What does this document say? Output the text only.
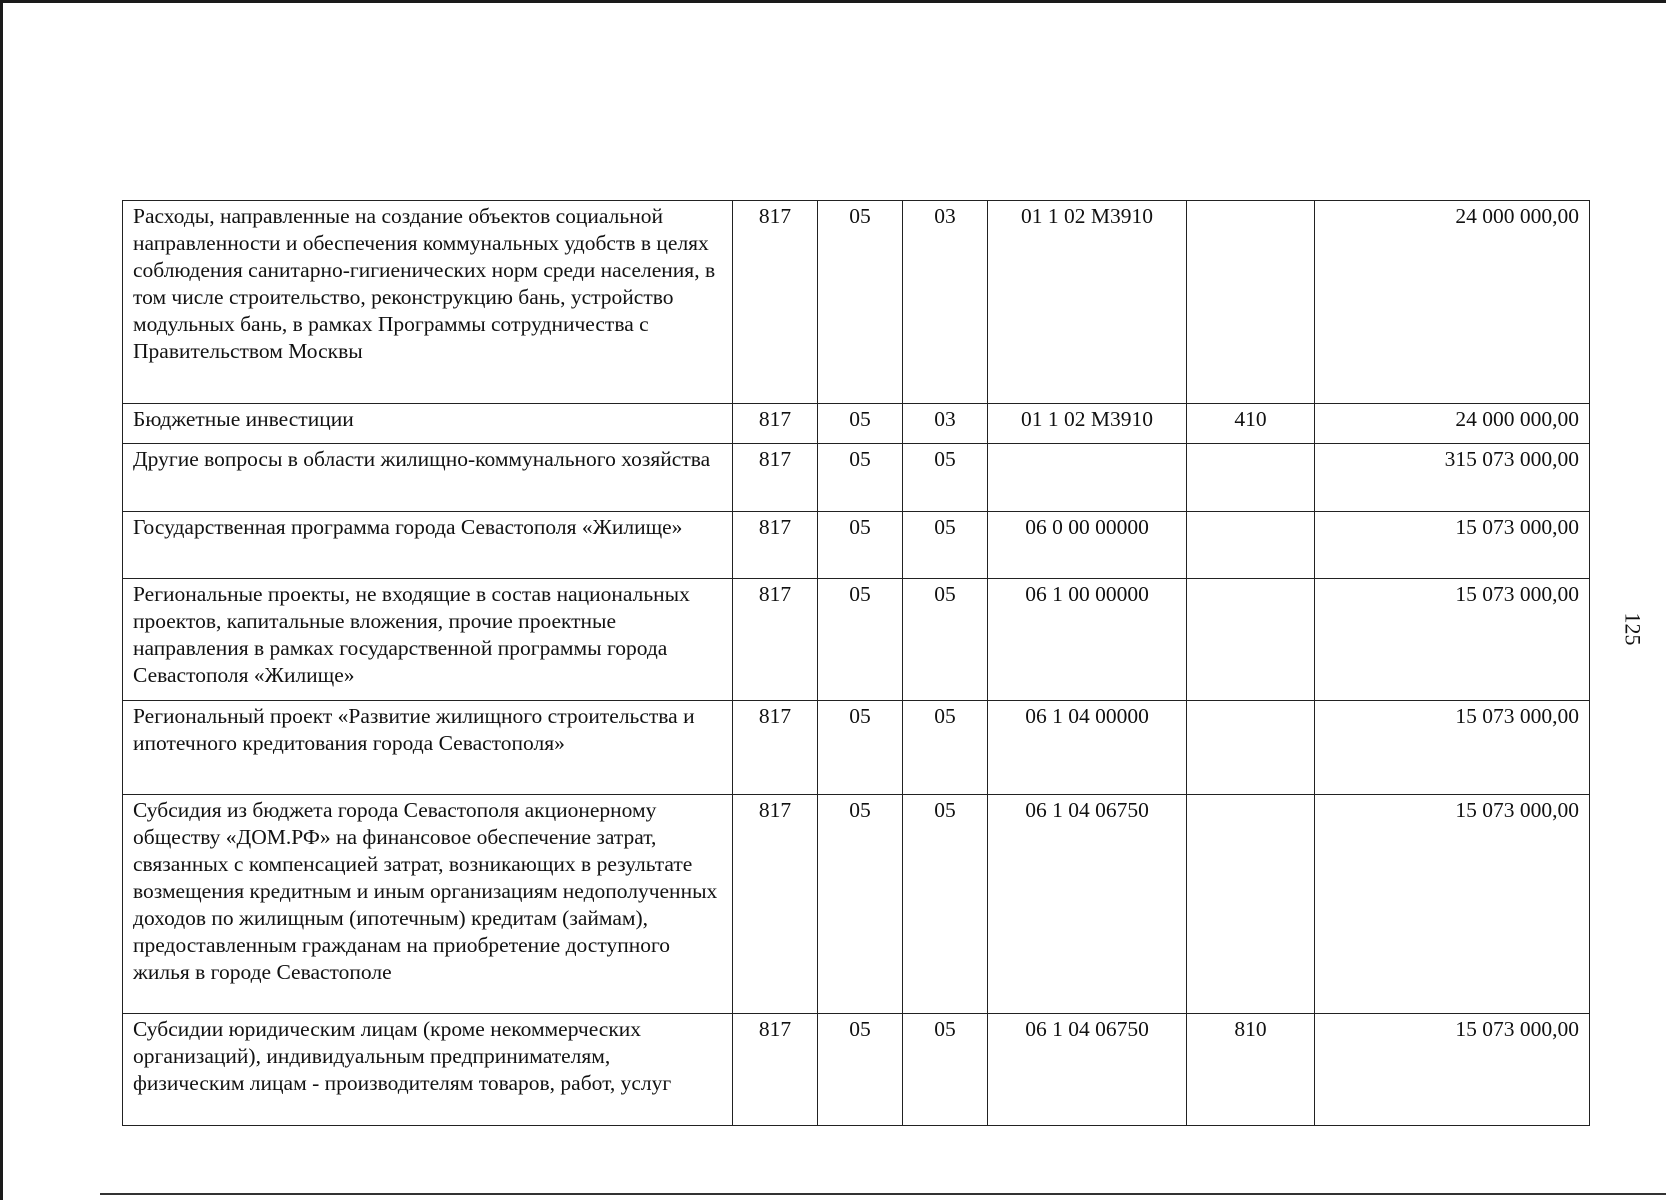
125
Расходы, направленные на создание объектов социальной направленности и обеспечения коммунальных удобств в целях соблюдения санитарно-гигиенических норм среди населения, в том числе строительство, реконструкцию бань, устройство модульных бань, в рамках Программы сотрудничества с Правительством Москвы	817	05	03	01 1 02 M3910		24 000 000,00
Бюджетные инвестиции	817	05	03	01 1 02 M3910	410	24 000 000,00
Другие вопросы в области жилищно-коммунального хозяйства	817	05	05			315 073 000,00
Государственная программа города Севастополя «Жилище»	817	05	05	06 0 00 00000		15 073 000,00
Региональные проекты, не входящие в состав национальных проектов, капитальные вложения, прочие проектные направления в рамках государственной программы города Севастополя «Жилище»	817	05	05	06 1 00 00000		15 073 000,00
Региональный проект «Развитие жилищного строительства и ипотечного кредитования города Севастополя»	817	05	05	06 1 04 00000		15 073 000,00
Субсидия из бюджета города Севастополя акционерному обществу «ДОМ.РФ» на финансовое обеспечение затрат, связанных с компенсацией затрат, возникающих в результате возмещения кредитным и иным организациям недополученных доходов по жилищным (ипотечным) кредитам (займам), предоставленным гражданам на приобретение доступного жилья в городе Севастополе	817	05	05	06 1 04 06750		15 073 000,00
Субсидии юридическим лицам (кроме некоммерческих организаций), индивидуальным предпринимателям, физическим лицам - производителям товаров, работ, услуг	817	05	05	06 1 04 06750	810	15 073 000,00
